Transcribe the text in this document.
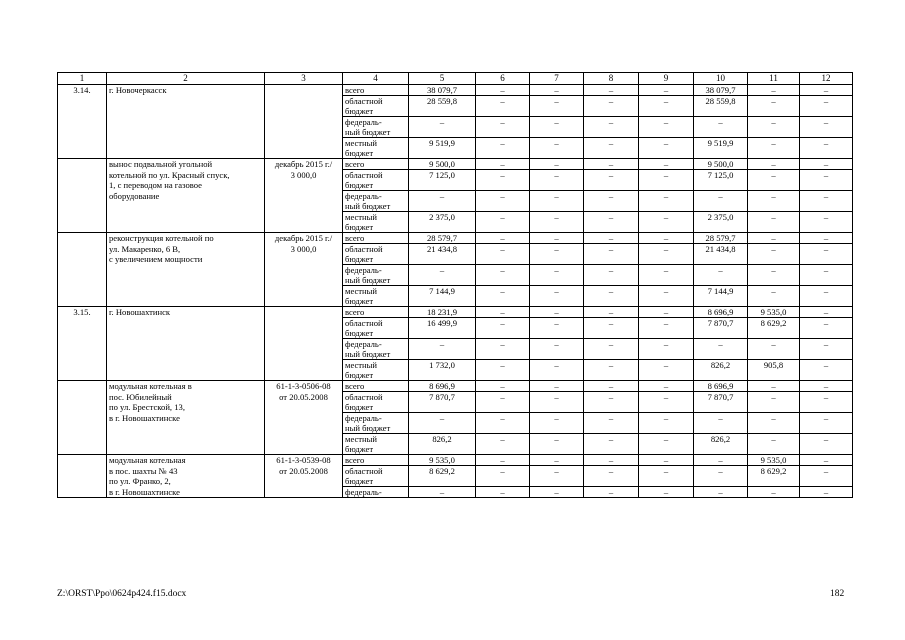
1	2	3	4	5	6	7	8	9	10	11	12
3.14.	г. Новочеркасск		всего	38 079,7	–	–	–	–	38 079,7	–	–
			областной	28 559,8	–	–	–	–	28 559,8	–	–
			бюджет								
			федераль-	–	–	–	–	–	–	–	–
			ный бюджет								
			местный	9 519,9	–	–	–	–	9 519,9	–	–
			бюджет								
	вынос подвальной угольной	декабрь 2015 г./	всего	9 500,0	–	–	–	–	9 500,0	–	–
	котельной по ул. Красный спуск,	3 000,0	областной	7 125,0	–	–	–	–	7 125,0	–	–
	1, с переводом на газовое		бюджет								
	оборудование		федераль-	–	–	–	–	–	–	–	–
			ный бюджет								
			местный	2 375,0	–	–	–	–	2 375,0	–	–
			бюджет								
	реконструкция котельной по	декабрь 2015 г./	всего	28 579,7	–	–	–	–	28 579,7	–	–
	ул. Макаренко, 6 В,	3 000,0	областной	21 434,8	–	–	–	–	21 434,8	–	–
	с увеличением мощности		бюджет								
			федераль-	–	–	–	–	–	–	–	–
			ный бюджет								
			местный	7 144,9	–	–	–	–	7 144,9	–	–
			бюджет								
3.15.	г. Новошахтинск		всего	18 231,9	–	–	–	–	8 696,9	9 535,0	–
			областной	16 499,9	–	–	–	–	7 870,7	8 629,2	–
			бюджет								
			федераль-	–	–	–	–	–	–	–	–
			ный бюджет								
			местный	1 732,0	–	–	–	–	826,2	905,8	–
			бюджет								
	модульная котельная в	61-1-3-0506-08	всего	8 696,9	–	–	–	–	8 696,9	–	–
	пос. Юбилейный	от 20.05.2008	областной	7 870,7	–	–	–	–	7 870,7	–	–
	по ул. Брестской, 13,		бюджет								
	в г. Новошахтинске		федераль-	–	–	–	–	–	–	–	–
			ный бюджет								
			местный	826,2	–	–	–	–	826,2	–	–
			бюджет								
	модульная котельная	61-1-3-0539-08	всего	9 535,0	–	–	–	–	–	9 535,0	–
	в пос. шахты № 43	от 20.05.2008	областной	8 629,2	–	–	–	–	–	8 629,2	–
	по ул. Франко, 2,		бюджет								
	в г. Новошахтинске		федераль-	–	–	–	–	–	–	–	–
Z:\ORST\Ppo\0624p424.f15.docx	182
